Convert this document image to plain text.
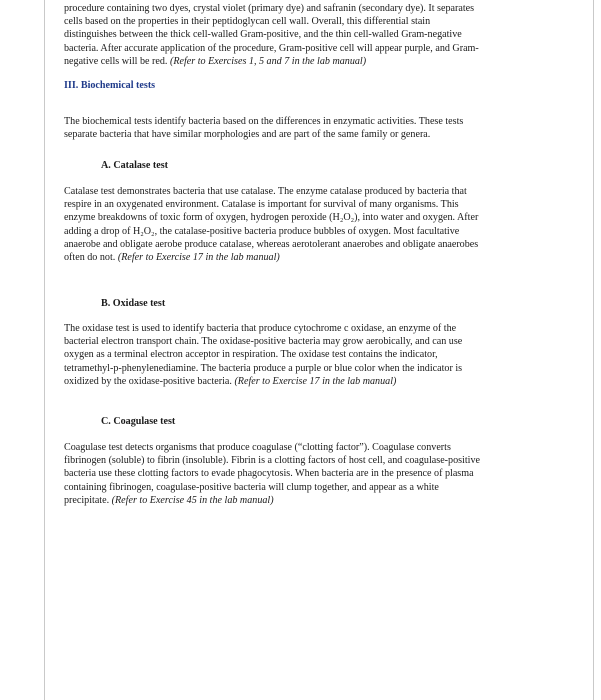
procedure containing two dyes, crystal violet (primary dye) and safranin (secondary dye). It separates
cells based on the properties in their peptidoglycan cell wall. Overall, this differential stain
distinguishes between the thick cell-walled Gram-positive, and the thin cell-walled Gram-negative
bacteria. After accurate application of the procedure, Gram-positive cell will appear purple, and Gram-
negative cells will be red. (Refer to Exercises 1, 5 and 7 in the lab manual)
III. Biochemical tests
The biochemical tests identify bacteria based on the differences in enzymatic activities. These tests
separate bacteria that have similar morphologies and are part of the same family or genera.
A. Catalase test
Catalase test demonstrates bacteria that use catalase. The enzyme catalase produced by bacteria that
respire in an oxygenated environment. Catalase is important for survival of many organisms. This
enzyme breakdowns of toxic form of oxygen, hydrogen peroxide (H₂O₂), into water and oxygen. After
adding a drop of H₂O₂, the catalase-positive bacteria produce bubbles of oxygen. Most facultative
anaerobe and obligate aerobe produce catalase, whereas aerotolerant anaerobes and obligate anaerobes
often do not. (Refer to Exercise 17 in the lab manual)
B. Oxidase test
The oxidase test is used to identify bacteria that produce cytochrome c oxidase, an enzyme of the
bacterial electron transport chain. The oxidase-positive bacteria may grow aerobically, and can use
oxygen as a terminal electron acceptor in respiration. The oxidase test contains the indicator,
tetramethyl-p-phenylenediamine. The bacteria produce a purple or blue color when the indicator is
oxidized by the oxidase-positive bacteria. (Refer to Exercise 17 in the lab manual)
C. Coagulase test
Coagulase test detects organisms that produce coagulase (“clotting factor”). Coagulase converts
fibrinogen (soluble) to fibrin (insoluble). Fibrin is a clotting factors of host cell, and coagulase-positive
bacteria use these clotting factors to evade phagocytosis. When bacteria are in the presence of plasma
containing fibrinogen, coagulase-positive bacteria will clump together, and appear as a white
precipitate. (Refer to Exercise 45 in the lab manual)
